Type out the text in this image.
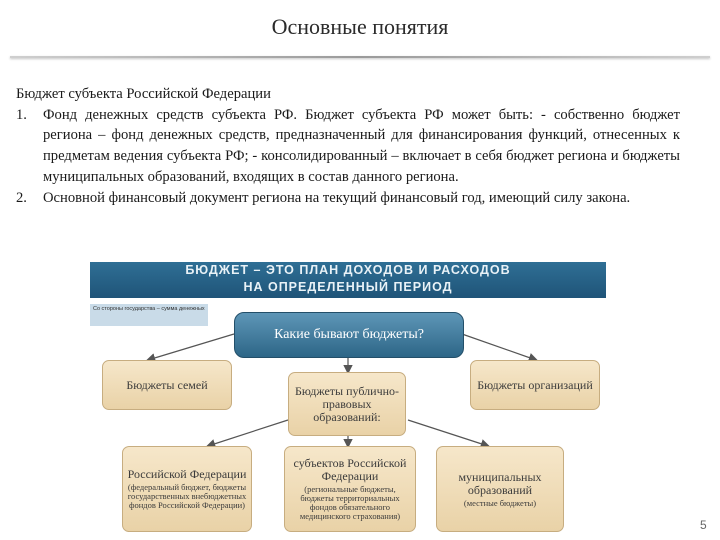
Основные понятия

Бюджет субъекта Российской Федерации

1. Фонд денежных средств субъекта РФ. Бюджет субъекта РФ может быть: - собственно бюджет региона – фонд денежных средств, предназначенный для финансирования функций, отнесенных к предметам ведения субъекта РФ; - консолидированный – включает в себя бюджет региона и бюджеты муниципальных образований, входящих в состав данного региона.
2. Основной финансовый документ региона на текущий финансовый год, имеющий силу закона.
БЮДЖЕТ – ЭТО ПЛАН ДОХОДОВ И РАСХОДОВ
НА ОПРЕДЕЛЕННЫЙ ПЕРИОД
Со стороны государства – сумма денежных
Какие бывают бюджеты?
Бюджеты семей	Бюджеты публично-правовых образований:
Бюджеты организаций
Российской Федерации
(федеральный бюджет, бюджеты государственных внебюджетных фондов Российской Федерации)
субъектов Российской Федерации
(региональные бюджеты, бюджеты территориальных фондов обязательного медицинского страхования)
муниципальных образований
(местные бюджеты)
5
